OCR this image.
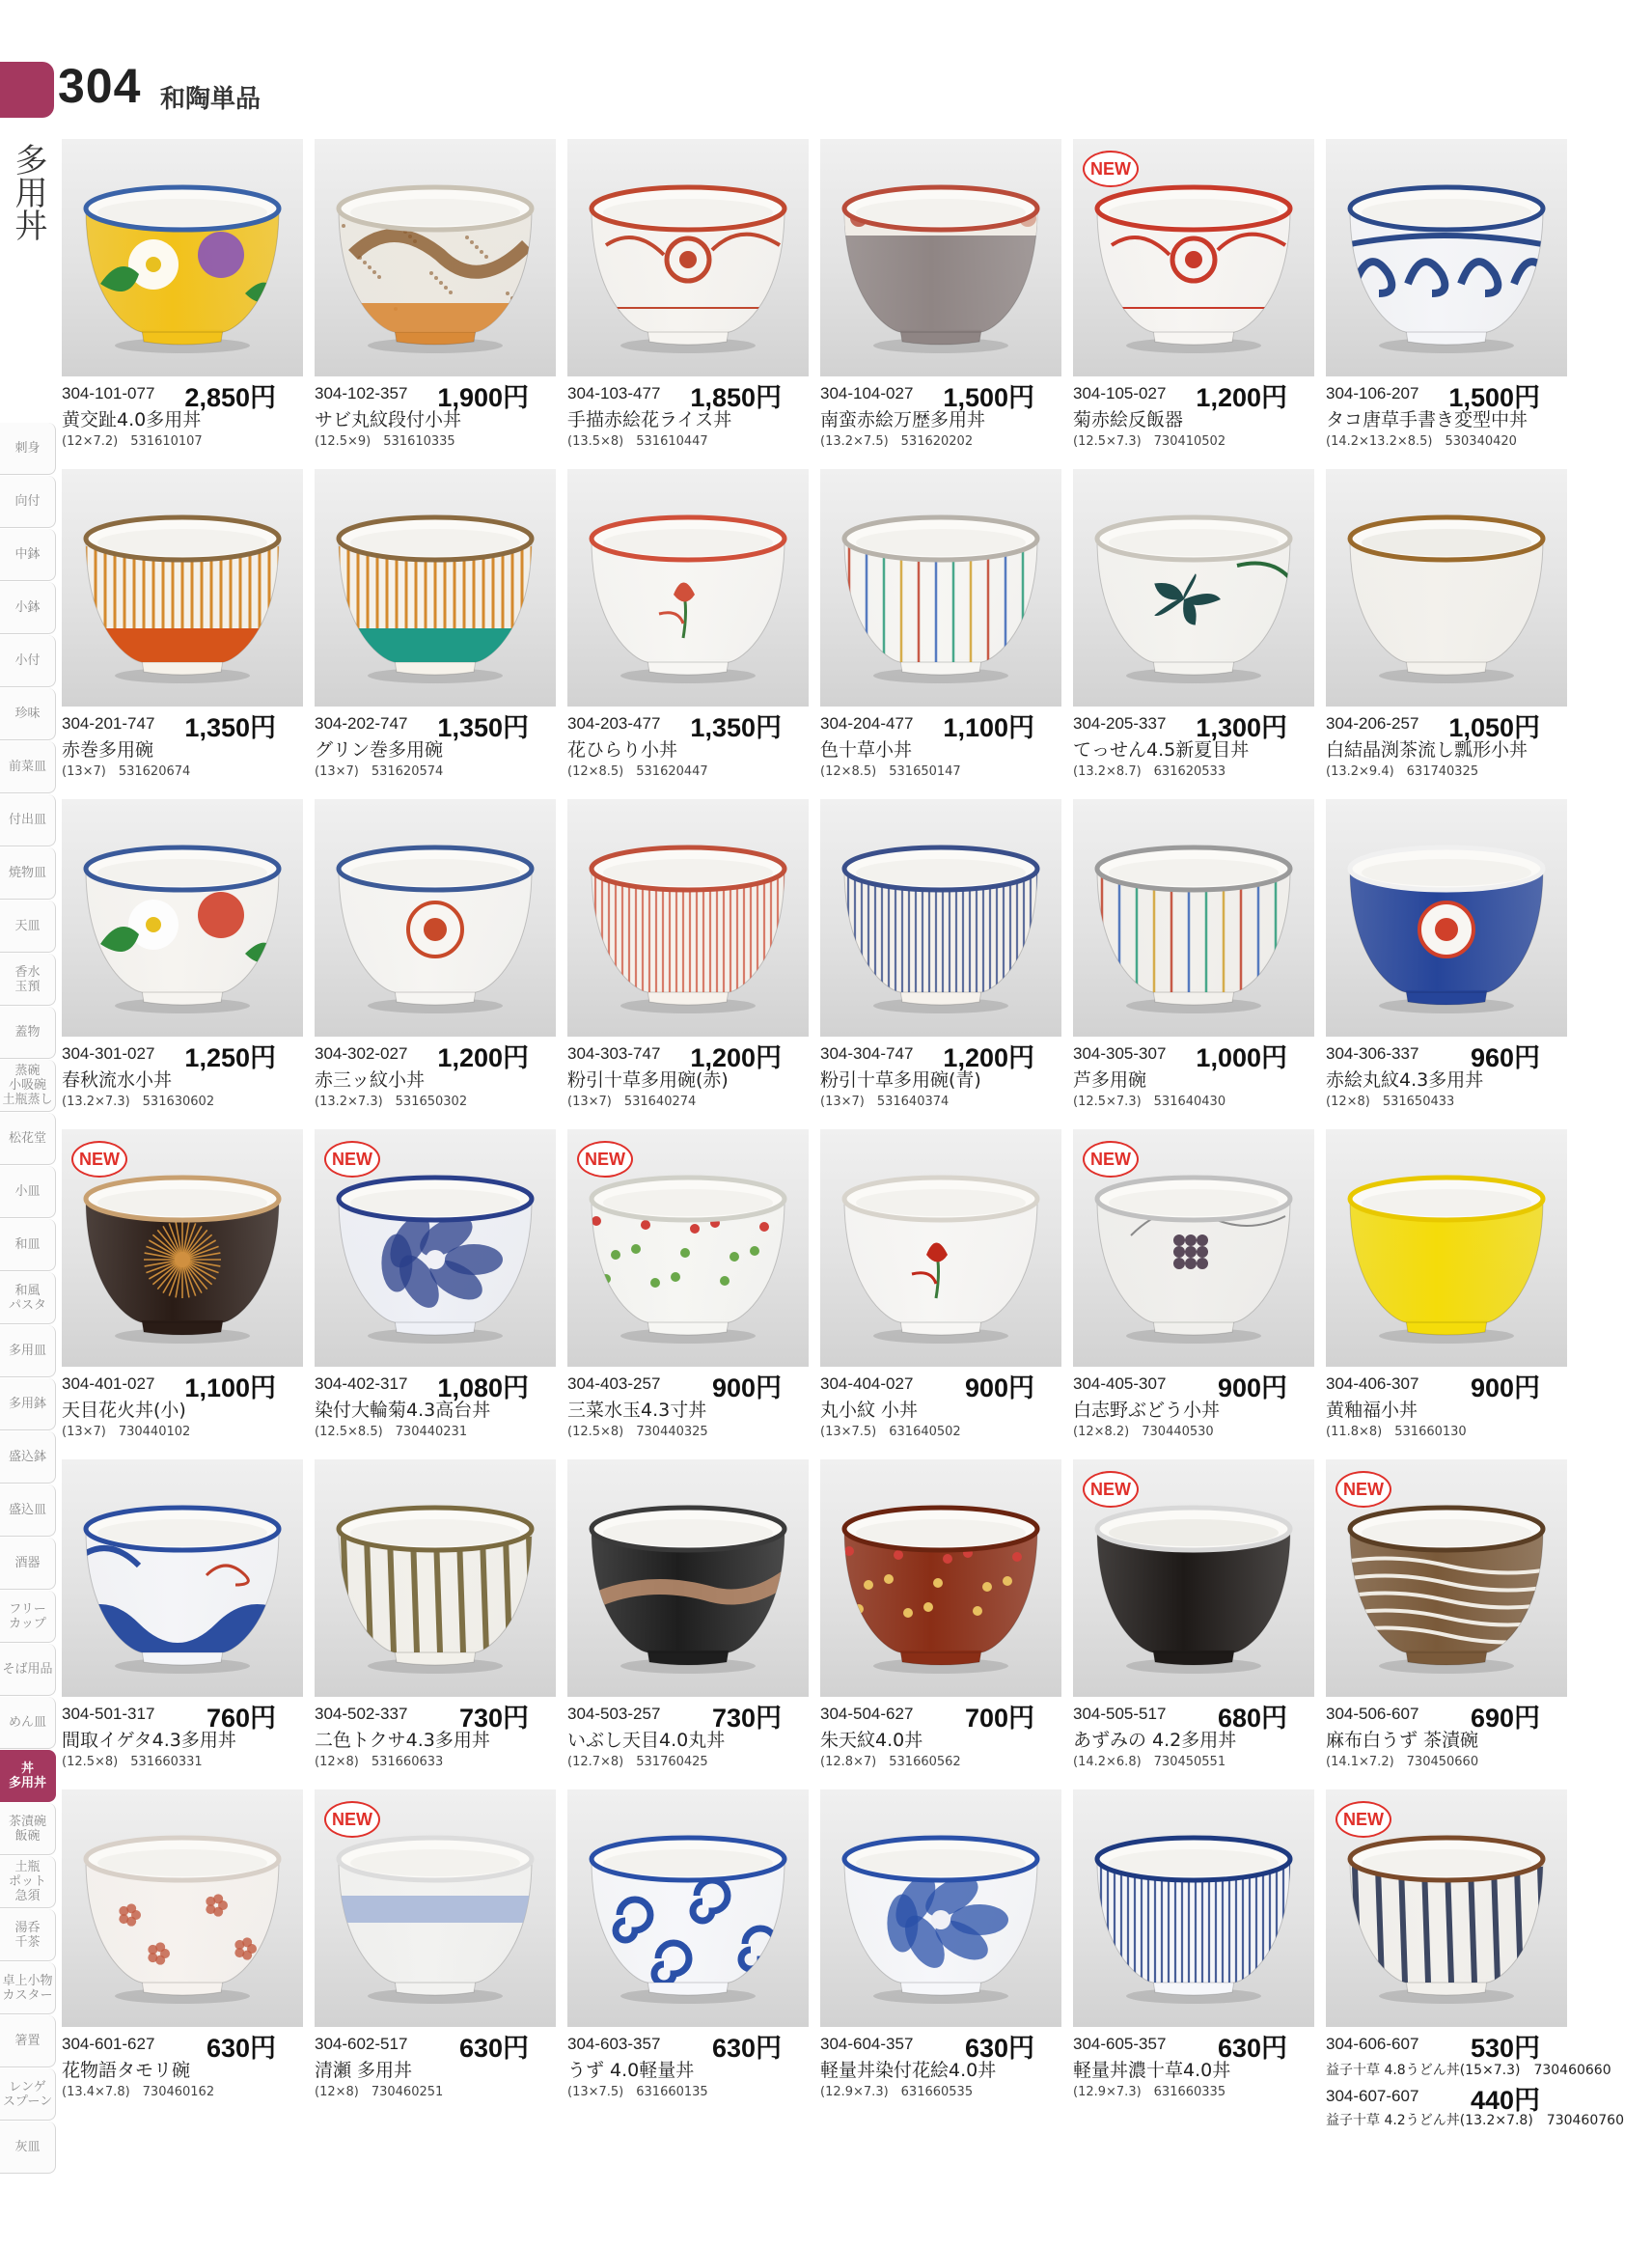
304 和陶単品
多用丼
刺身
向付
中鉢
小鉢
小付
珍味
前菜皿
付出皿
焼物皿
天皿
香水
玉預
蓋物
蒸碗
小吸碗
土瓶蒸し
松花堂
小皿
和皿
和風
パスタ
多用皿
多用鉢
盛込鉢
盛込皿
酒器
フリー
カップ
そば用品
めん皿
丼
多用丼
茶漬碗
飯碗
土瓶
ポット
急須
湯呑
千茶
卓上小物
カスター
箸置
レンゲ
スプーン
灰皿
304-101-077 2,850円
黄交趾4.0多用丼
(12×7.2)　531610107
304-102-357 1,900円
サビ丸紋段付小丼
(12.5×9)　531610335
304-103-477 1,850円
手描赤絵花ライス丼
(13.5×8)　531610447
304-104-027 1,500円
南蛮赤絵万歴多用丼
(13.2×7.5)　531620202
NEW
304-105-027 1,200円
菊赤絵反飯器
(12.5×7.3)　730410502
304-106-207 1,500円
タコ唐草手書き変型中丼
(14.2×13.2×8.5)　530340420
304-201-747 1,350円
赤巻多用碗
(13×7)　531620674
304-202-747 1,350円
グリン巻多用碗
(13×7)　531620574
304-203-477 1,350円
花ひらり小丼
(12×8.5)　531620447
304-204-477 1,100円
色十草小丼
(12×8.5)　531650147
304-205-337 1,300円
てっせん4.5新夏目丼
(13.2×8.7)　631620533
304-206-257 1,050円
白結晶渕茶流し瓢形小丼
(13.2×9.4)　631740325
304-301-027 1,250円
春秋流水小丼
(13.2×7.3)　531630602
304-302-027 1,200円
赤三ッ紋小丼
(13.2×7.3)　531650302
304-303-747 1,200円
粉引十草多用碗(赤)
(13×7)　531640274
304-304-747 1,200円
粉引十草多用碗(青)
(13×7)　531640374
304-305-307 1,000円
芦多用碗
(12.5×7.3)　531640430
304-306-337 960円
赤絵丸紋4.3多用丼
(12×8)　531650433
NEW
304-401-027 1,100円
天目花火丼(小)
(13×7)　730440102
NEW
304-402-317 1,080円
染付大輪菊4.3高台丼
(12.5×8.5)　730440231
NEW
304-403-257 900円
三菜水玉4.3寸丼
(12.5×8)　730440325
304-404-027 900円
丸小紋 小丼
(13×7.5)　631640502
NEW
304-405-307 900円
白志野ぶどう小丼
(12×8.2)　730440530
304-406-307 900円
黄釉福小丼
(11.8×8)　531660130
304-501-317 760円
間取イゲタ4.3多用丼
(12.5×8)　531660331
304-502-337 730円
二色トクサ4.3多用丼
(12×8)　531660633
304-503-257 730円
いぶし天目4.0丸丼
(12.7×8)　531760425
304-504-627 700円
朱天紋4.0丼
(12.8×7)　531660562
NEW
304-505-517 680円
あずみの 4.2多用丼
(14.2×6.8)　730450551
NEW
304-506-607 690円
麻布白うず 茶漬碗
(14.1×7.2)　730450660
304-601-627 630円
花物語タモリ碗
(13.4×7.8)　730460162
NEW
304-602-517 630円
清瀬 多用丼
(12×8)　730460251
304-603-357 630円
うず 4.0軽量丼
(13×7.5)　631660135
304-604-357 630円
軽量丼染付花絵4.0丼
(12.9×7.3)　631660535
304-605-357 630円
軽量丼濃十草4.0丼
(12.9×7.3)　631660335
NEW
304-606-607 530円
益子十草 4.8うどん丼(15×7.3)　730460660
304-607-607 440円
益子十草 4.2うどん丼(13.2×7.8)　730460760
